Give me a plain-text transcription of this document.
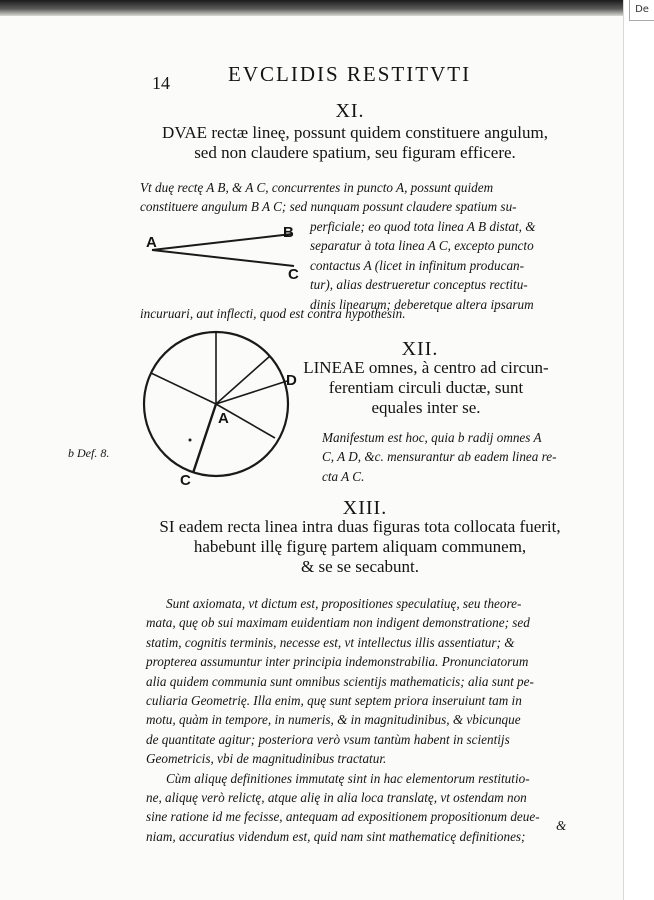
De
14	EVCLIDIS RESTITVTI
XI.
DVAE rectæ lineę, possunt quidem constituere angulum,
sed non claudere spatium, seu figuram efficere.
Vt duę rectę A B, & A C, concurrentes in puncto A, possunt quidem
constituere angulum B A C; sed nunquam possunt claudere spatium su-
perficiale; eo quod tota linea A B distat, &
separatur à tota linea A C, excepto puncto
contactus A (licet in infinitum producan-
tur), alias destrueretur conceptus rectitu-
dinis linearum; deberetque altera ipsarum
incuruari, aut inflecti, quod est contra hypothesin.
A
B
C
XII.
LINEAE omnes, à centro ad circun-
ferentiam circuli ductæ, sunt
equales inter se.
A
D
C
Manifestum est hoc, quia b radij omnes A
C, A D, &c. mensurantur ab eadem linea re-
cta A C.
b Def. 8.
XIII.
SI eadem recta linea intra duas figuras tota collocata fuerit,
habebunt illę figurę partem aliquam communem,
& se se secabunt.
Sunt axiomata, vt dictum est, propositiones speculatiuę, seu theore-
mata, quę ob sui maximam euidentiam non indigent demonstratione; sed
statim, cognitis terminis, necesse est, vt intellectus illis assentiatur; &
propterea assumuntur inter principia indemonstrabilia. Pronunciatorum
alia quidem communia sunt omnibus scientijs mathematicis; alia sunt pe-
culiaria Geometrię. Illa enim, quę sunt septem priora inseruiunt tam in
motu, quàm in tempore, in numeris, & in magnitudinibus, & vbicunque
de quantitate agitur; posteriora verò vsum tantùm habent in scientijs
Geometricis, vbi de magnitudinibus tractatur.
Cùm aliquę definitiones immutatę sint in hac elementorum restitutio-
ne, aliquę verò relictę, atque alię in alia loca translatę, vt ostendam non
sine ratione id me fecisse, antequam ad expositionem propositionum deue-
niam, accuratius videndum est, quid nam sint mathematicę definitiones;
&
